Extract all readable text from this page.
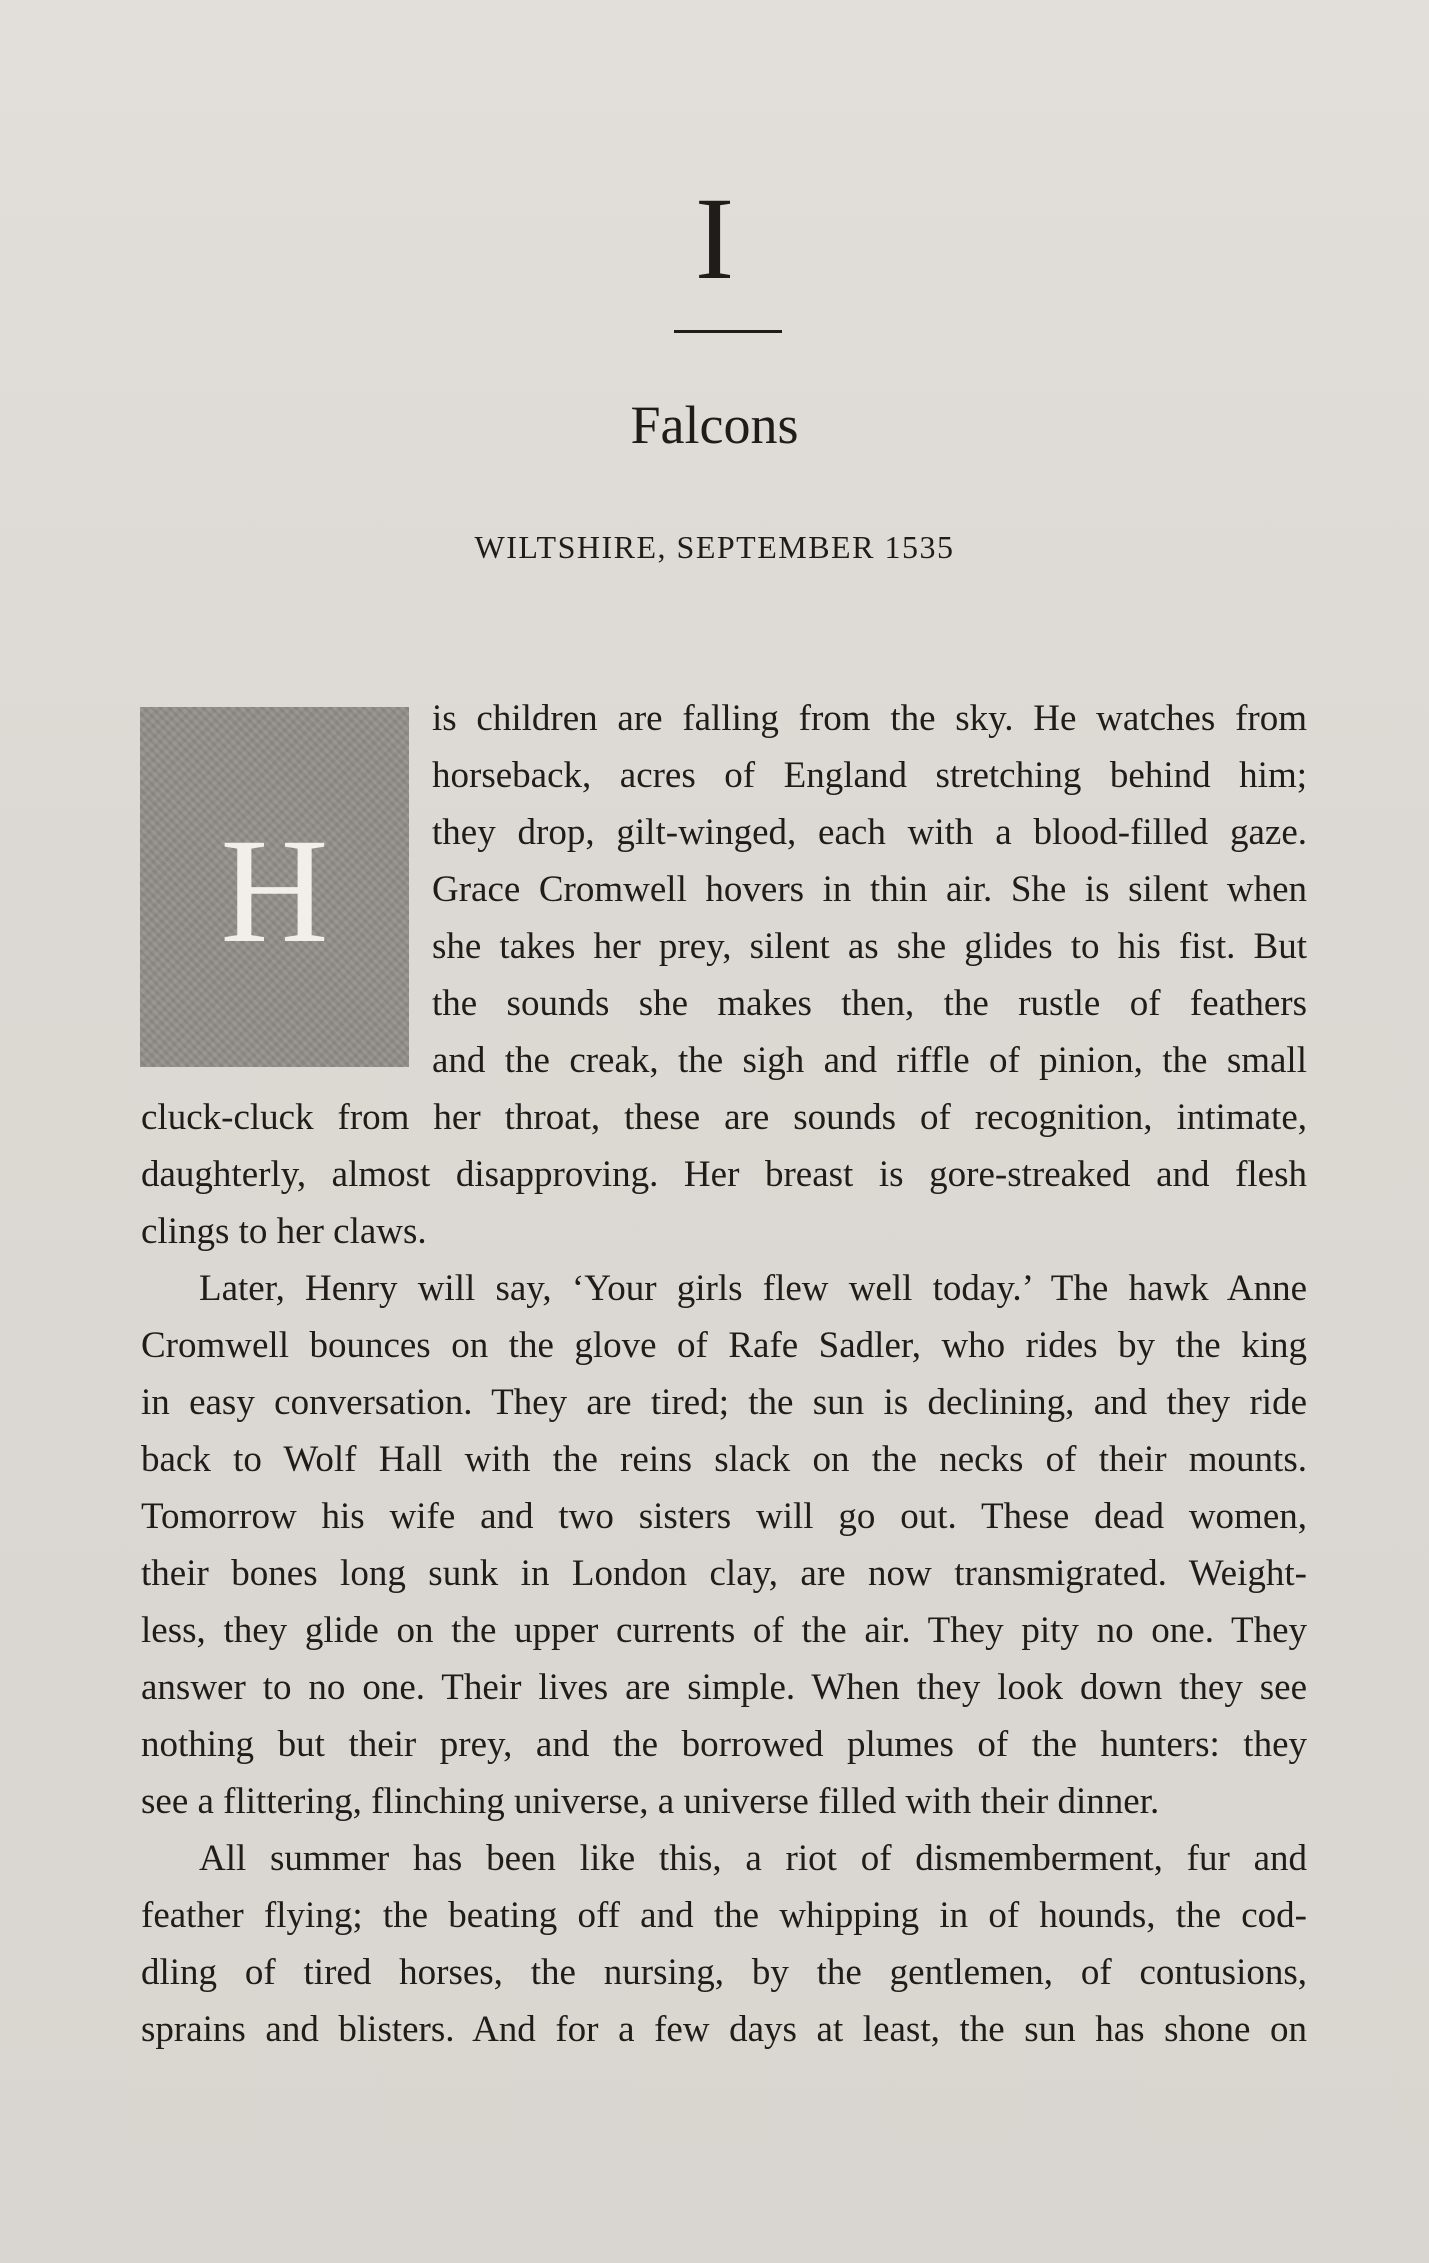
I
Falcons
WILTSHIRE, SEPTEMBER 1535
H
is children are falling from the sky. He watches from
horseback, acres of England stretching behind him;
they drop, gilt-winged, each with a blood-filled gaze.
Grace Cromwell hovers in thin air. She is silent when
she takes her prey, silent as she glides to his fist. But
the sounds she makes then, the rustle of feathers
and the creak, the sigh and riffle of pinion, the small
cluck-cluck from her throat, these are sounds of recognition, intimate,
daughterly, almost disapproving. Her breast is gore-streaked and flesh
clings to her claws.
Later, Henry will say, ‘Your girls flew well today.’ The hawk Anne
Cromwell bounces on the glove of Rafe Sadler, who rides by the king
in easy conversation. They are tired; the sun is declining, and they ride
back to Wolf Hall with the reins slack on the necks of their mounts.
Tomorrow his wife and two sisters will go out. These dead women,
their bones long sunk in London clay, are now transmigrated. Weight-
less, they glide on the upper currents of the air. They pity no one. They
answer to no one. Their lives are simple. When they look down they see
nothing but their prey, and the borrowed plumes of the hunters: they
see a flittering, flinching universe, a universe filled with their dinner.
All summer has been like this, a riot of dismemberment, fur and
feather flying; the beating off and the whipping in of hounds, the cod-
dling of tired horses, the nursing, by the gentlemen, of contusions,
sprains and blisters. And for a few days at least, the sun has shone on
